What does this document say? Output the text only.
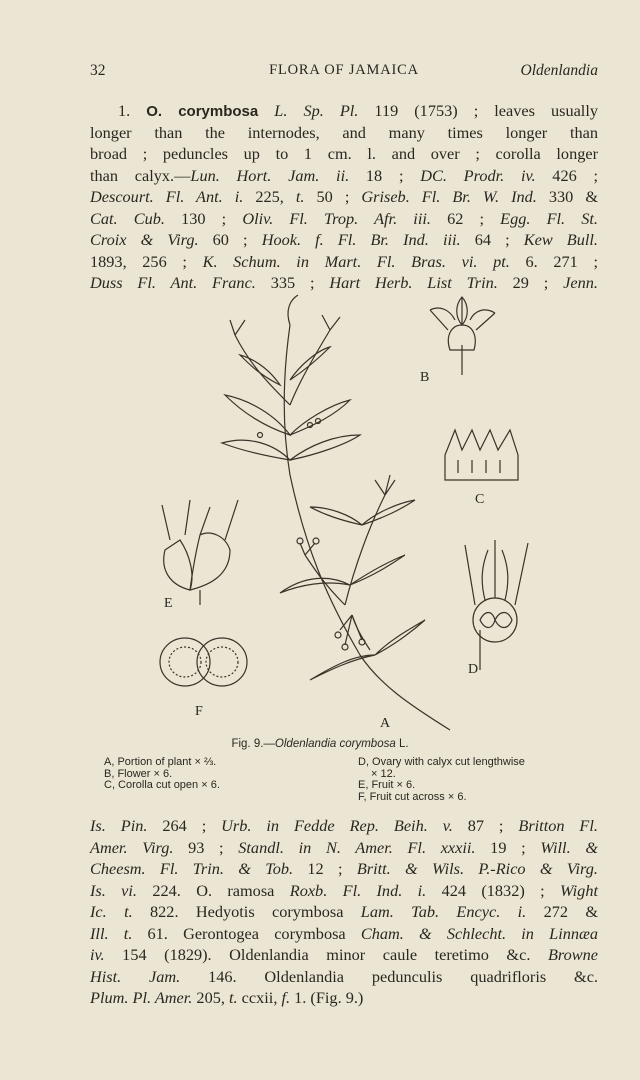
32	FLORA OF JAMAICA	Oldenlandia
1. O. corymbosa L. Sp. Pl. 119 (1753) ; leaves usually
longer than the internodes, and many times longer than
broad ; peduncles up to 1 cm. l. and over ; corolla longer
than calyx.—Lun. Hort. Jam. ii. 18 ; DC. Prodr. iv. 426 ;
Descourt. Fl. Ant. i. 225, t. 50 ; Griseb. Fl. Br. W. Ind. 330 &
Cat. Cub. 130 ; Oliv. Fl. Trop. Afr. iii. 62 ; Egg. Fl. St.
Croix & Virg. 60 ; Hook. f. Fl. Br. Ind. iii. 64 ; Kew Bull.
1893, 256 ; K. Schum. in Mart. Fl. Bras. vi. pt. 6. 271 ;
Duss Fl. Ant. Franc. 335 ; Hart Herb. List Trin. 29 ; Jenn.
B
C
D
E
F
A
Fig. 9.—Oldenlandia corymbosa L.
A, Portion of plant × ⅔.
B, Flower × 6.
C, Corolla cut open × 6.
D, Ovary with calyx cut lengthwise
× 12.
E, Fruit × 6.
F, Fruit cut across × 6.
Is. Pin. 264 ; Urb. in Fedde Rep. Beih. v. 87 ; Britton Fl.
Amer. Virg. 93 ; Standl. in N. Amer. Fl. xxxii. 19 ; Will. &
Cheesm. Fl. Trin. & Tob. 12 ; Britt. & Wils. P.-Rico & Virg.
Is. vi. 224. O. ramosa Roxb. Fl. Ind. i. 424 (1832) ; Wight
Ic. t. 822. Hedyotis corymbosa Lam. Tab. Encyc. i. 272 &
Ill. t. 61. Gerontogea corymbosa Cham. & Schlecht. in Linnæa
iv. 154 (1829). Oldenlandia minor caule teretimo &c. Browne
Hist. Jam. 146. Oldenlandia pedunculis quadrifloris &c.
Plum. Pl. Amer. 205, t. ccxii, f. 1. (Fig. 9.)
